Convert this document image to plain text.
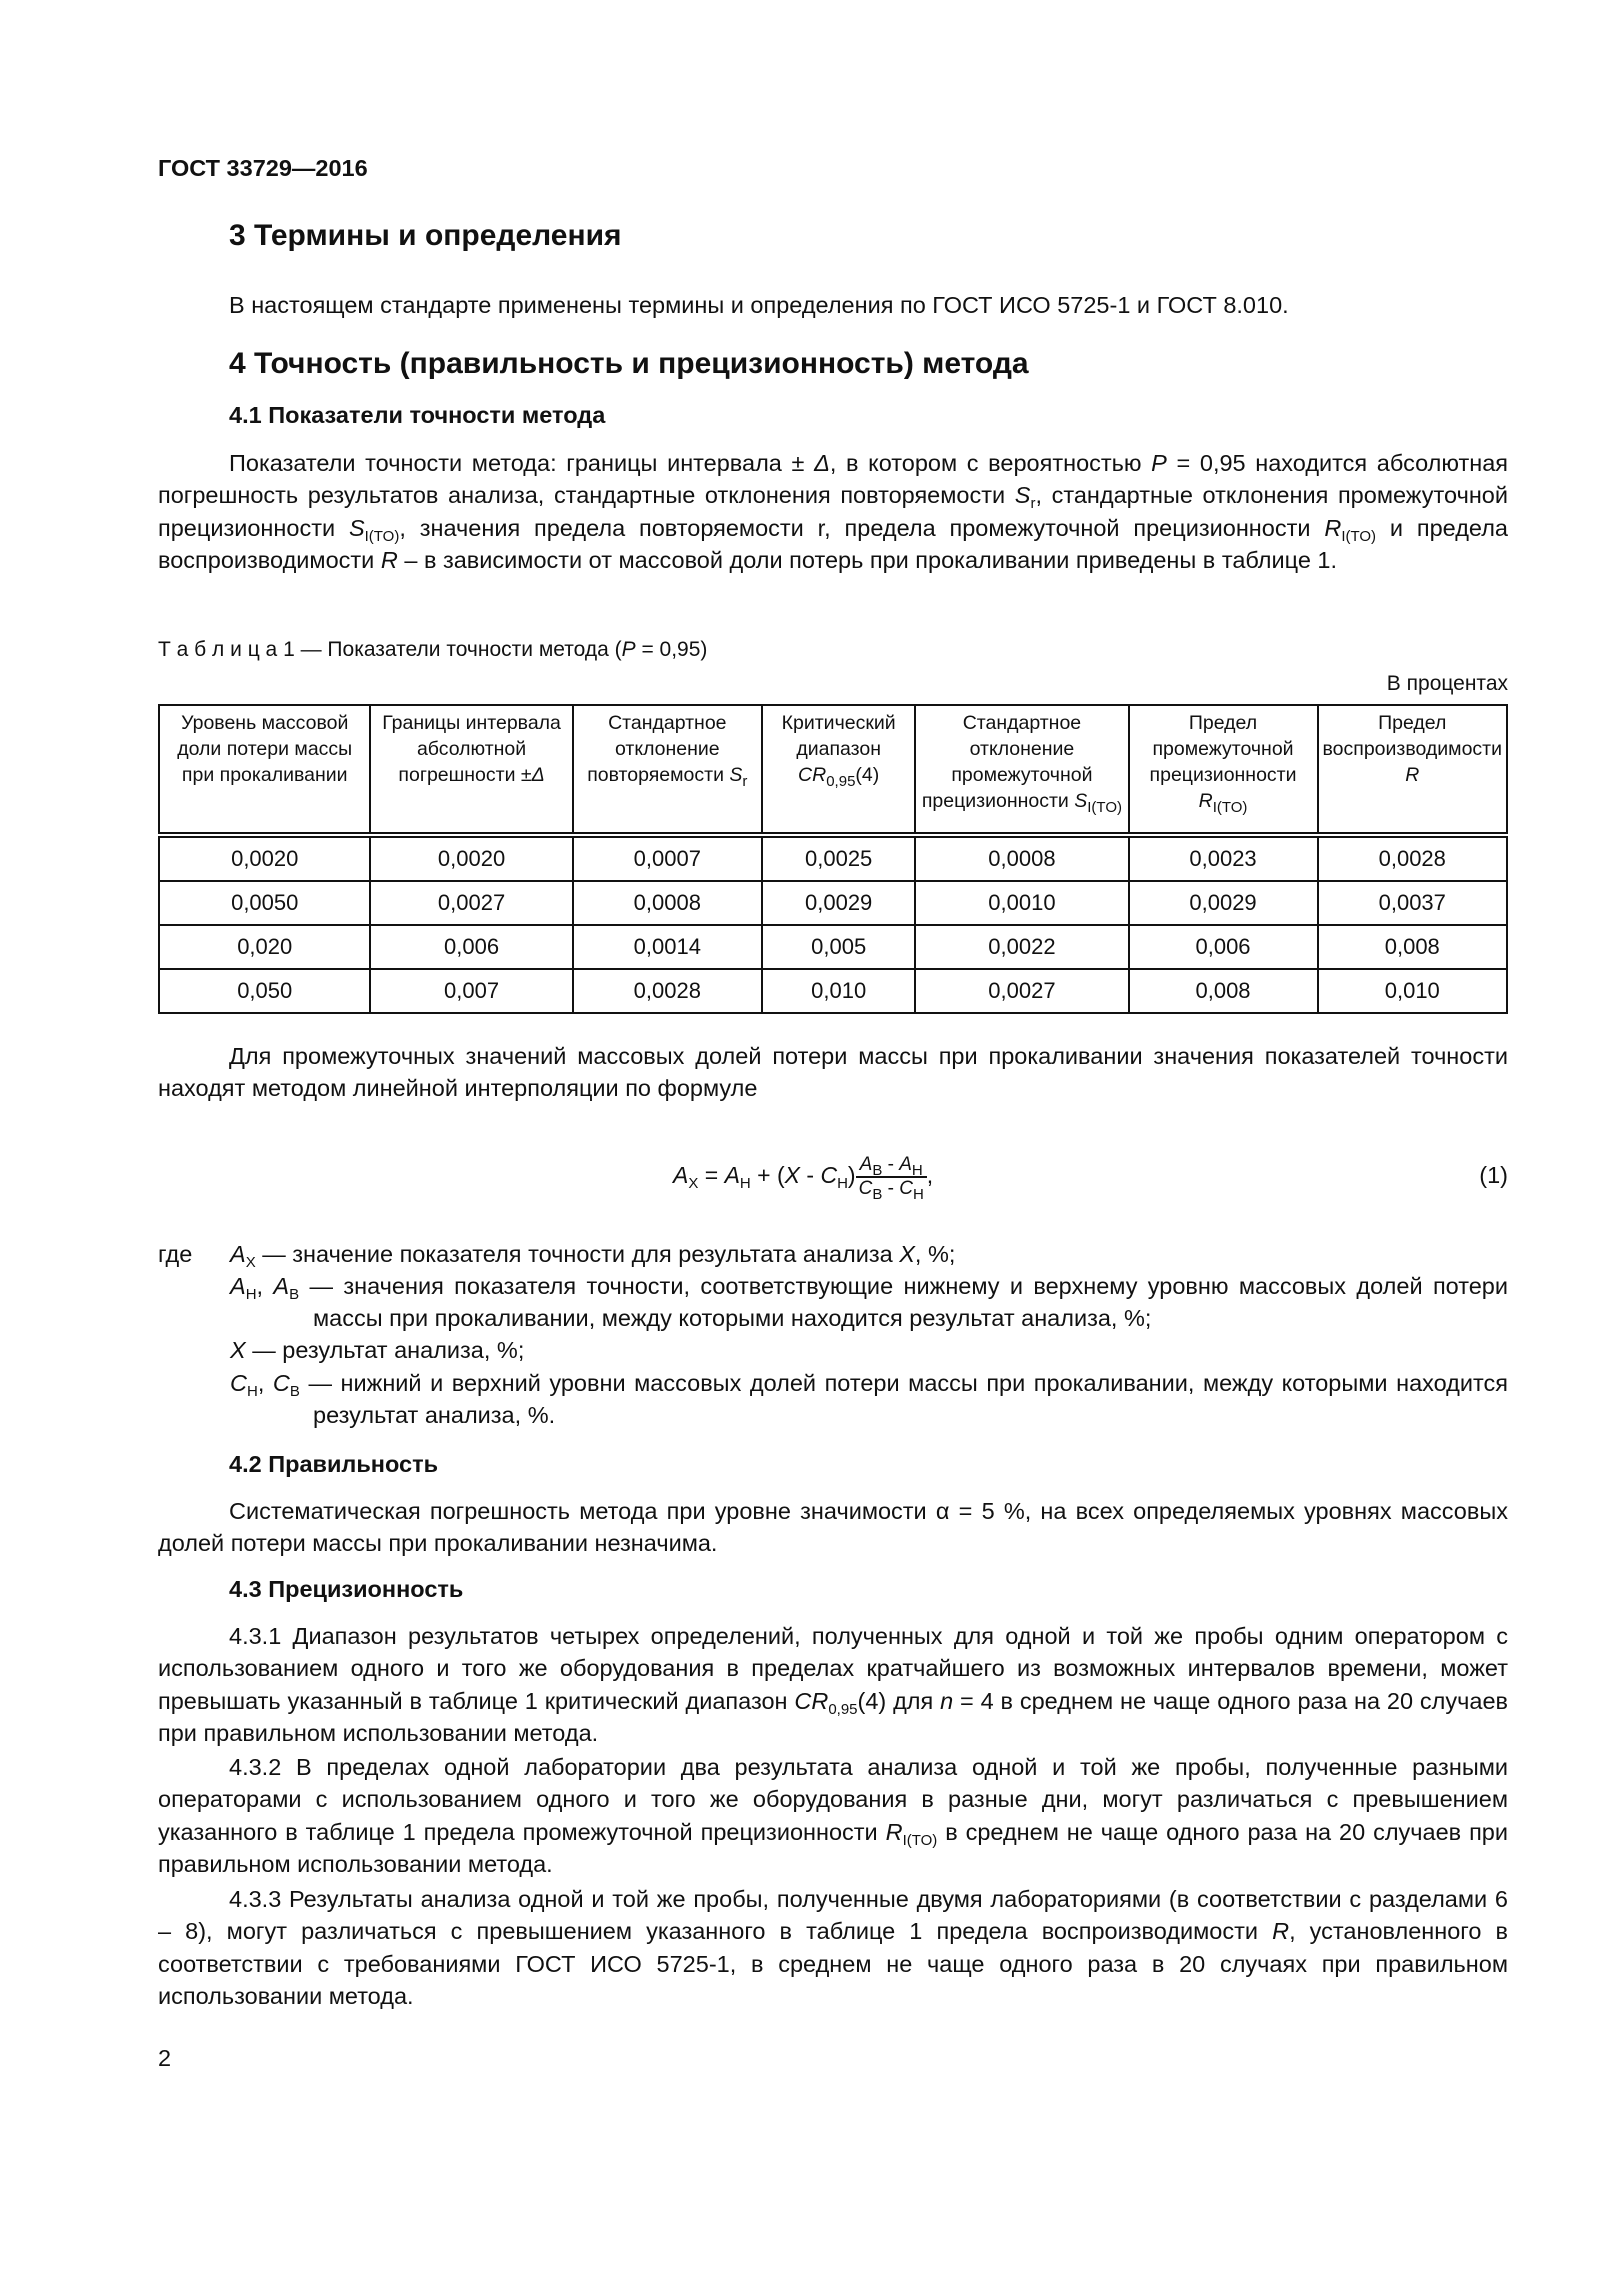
ГОСТ 33729—2016
3 Термины и определения
В настоящем стандарте применены термины и определения по ГОСТ ИСО 5725-1 и ГОСТ 8.010.
4 Точность (правильность и прецизионность) метода
4.1 Показатели точности метода
Показатели точности метода: границы интервала ± Δ, в котором с вероятностью P = 0,95 находится абсолютная погрешность результатов анализа, стандартные отклонения повторяемости $S_r$, стандартные отклонения промежуточной прецизионности $S_{I(TO)}$, значения предела повторяемости r, предела промежуточной прецизионности $R_{I(TO)}$ и предела воспроизводимости R – в зависимости от массовой доли потерь при прокаливании приведены в таблице 1.
Т а б л и ц а 1 — Показатели точности метода (P = 0,95)
В процентах
Уровень массовой доли потери массы при прокаливании	Границы интервала абсолютной погрешности ±Δ	Стандартное отклонение повторяемости $S_r$	Критический диапазон $CR_{0,95}(4)$	Стандартное отклонение промежуточной прецизионности $S_{I(TO)}$	Предел промежуточной прецизионности $R_{I(TO)}$	Предел воспроизводимости R
0,0020	0,0020	0,0007	0,0025	0,0008	0,0023	0,0028
0,0050	0,0027	0,0008	0,0029	0,0010	0,0029	0,0037
0,020	0,006	0,0014	0,005	0,0022	0,006	0,008
0,050	0,007	0,0028	0,010	0,0027	0,008	0,010
Для промежуточных значений массовых долей потери массы при прокаливании значения показателей точности находят методом линейной интерполяции по формуле
$A_X = A_Н + (X - C_Н) \frac{A_В - A_Н}{C_В - C_Н}$ ,	(1)
где	$A_X$ — значение показателя точности для результата анализа X, %;
$A_Н$, $A_В$ — значения показателя точности, соответствующие нижнему и верхнему уровню массовых долей потери массы при прокаливании, между которыми находится результат анализа, %;
X — результат анализа, %;
$C_Н$, $C_В$ — нижний и верхний уровни массовых долей потери массы при прокаливании, между которыми находится результат анализа, %.
4.2 Правильность
Систематическая погрешность метода при уровне значимости α = 5 %, на всех определяемых уровнях массовых долей потери массы при прокаливании незначима.
4.3 Прецизионность
4.3.1 Диапазон результатов четырех определений, полученных для одной и той же пробы одним оператором с использованием одного и того же оборудования в пределах кратчайшего из возможных интервалов времени, может превышать указанный в таблице 1 критический диапазон $CR_{0,95}(4)$ для n = 4 в среднем не чаще одного раза на 20 случаев при правильном использовании метода.
4.3.2 В пределах одной лаборатории два результата анализа одной и той же пробы, полученные разными операторами с использованием одного и того же оборудования в разные дни, могут различаться с превышением указанного в таблице 1 предела промежуточной прецизионности $R_{I(TO)}$ в среднем не чаще одного раза на 20 случаев при правильном использовании метода.
4.3.3 Результаты анализа одной и той же пробы, полученные двумя лабораториями (в соответствии с разделами 6 – 8), могут различаться с превышением указанного в таблице 1 предела воспроизводимости R, установленного в соответствии с требованиями ГОСТ ИСО 5725-1, в среднем не чаще одного раза в 20 случаях при правильном использовании метода.
2
